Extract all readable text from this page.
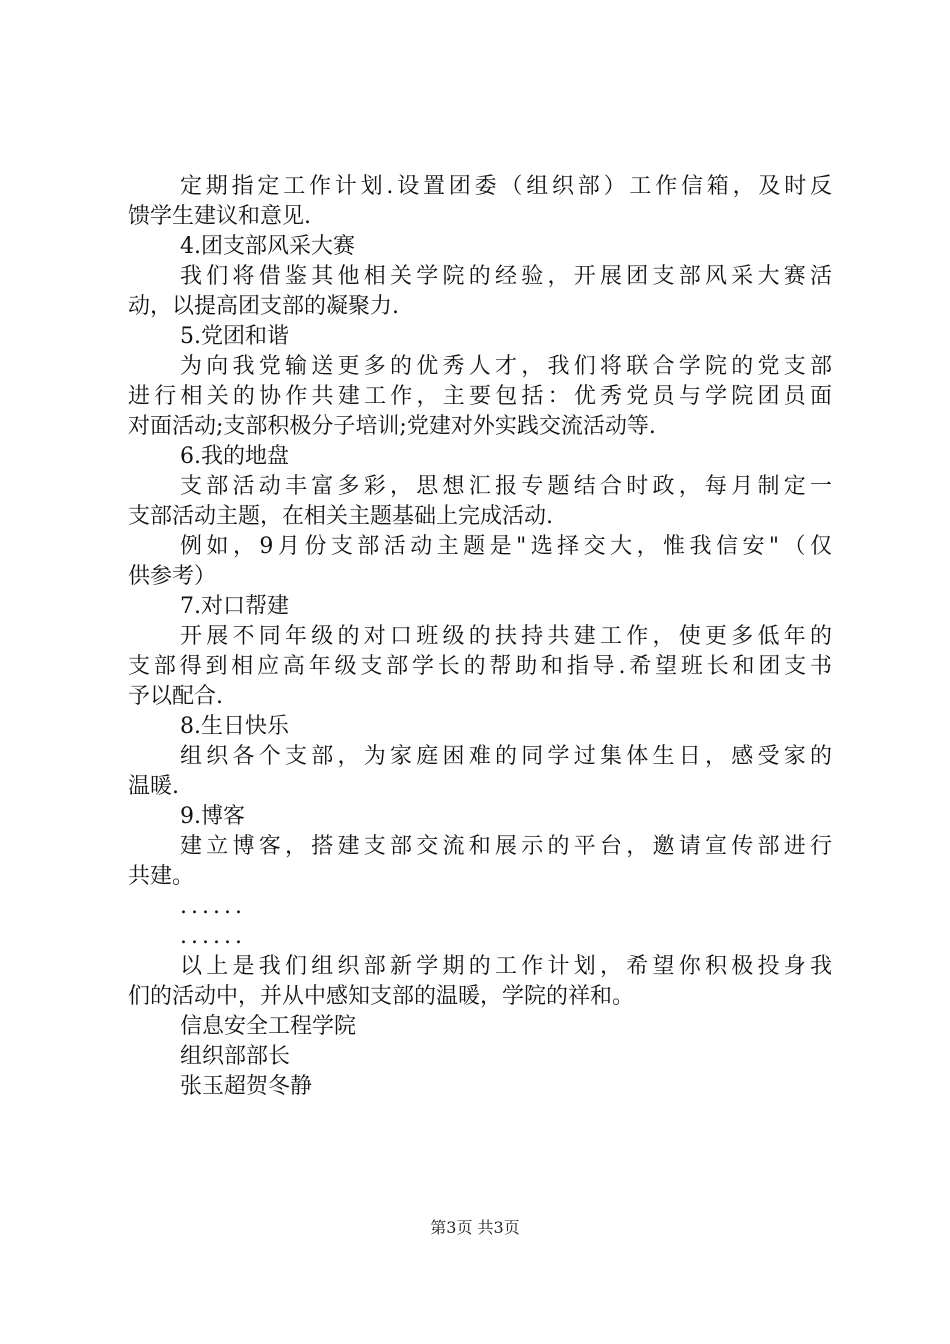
定期指定工作计划.设置团委（组织部）工作信箱，及时反
馈学生建议和意见.
4.团支部风采大赛
我们将借鉴其他相关学院的经验，开展团支部风采大赛活
动，以提高团支部的凝聚力.
5.党团和谐
为向我党输送更多的优秀人才，我们将联合学院的党支部
进行相关的协作共建工作，主要包括：优秀党员与学院团员面
对面活动;支部积极分子培训;党建对外实践交流活动等.
6.我的地盘
支部活动丰富多彩，思想汇报专题结合时政，每月制定一
支部活动主题，在相关主题基础上完成活动.
例如，9月份支部活动主题是"选择交大，惟我信安"（仅
供参考）
7.对口帮建
开展不同年级的对口班级的扶持共建工作，使更多低年的
支部得到相应高年级支部学长的帮助和指导.希望班长和团支书
予以配合.
8.生日快乐
组织各个支部，为家庭困难的同学过集体生日，感受家的
温暖.
9.博客
建立博客，搭建支部交流和展示的平台，邀请宣传部进行
共建。
......
......
以上是我们组织部新学期的工作计划，希望你积极投身我
们的活动中，并从中感知支部的温暖，学院的祥和。
信息安全工程学院
组织部部长
张玉超贺冬静
第3页 共3页
